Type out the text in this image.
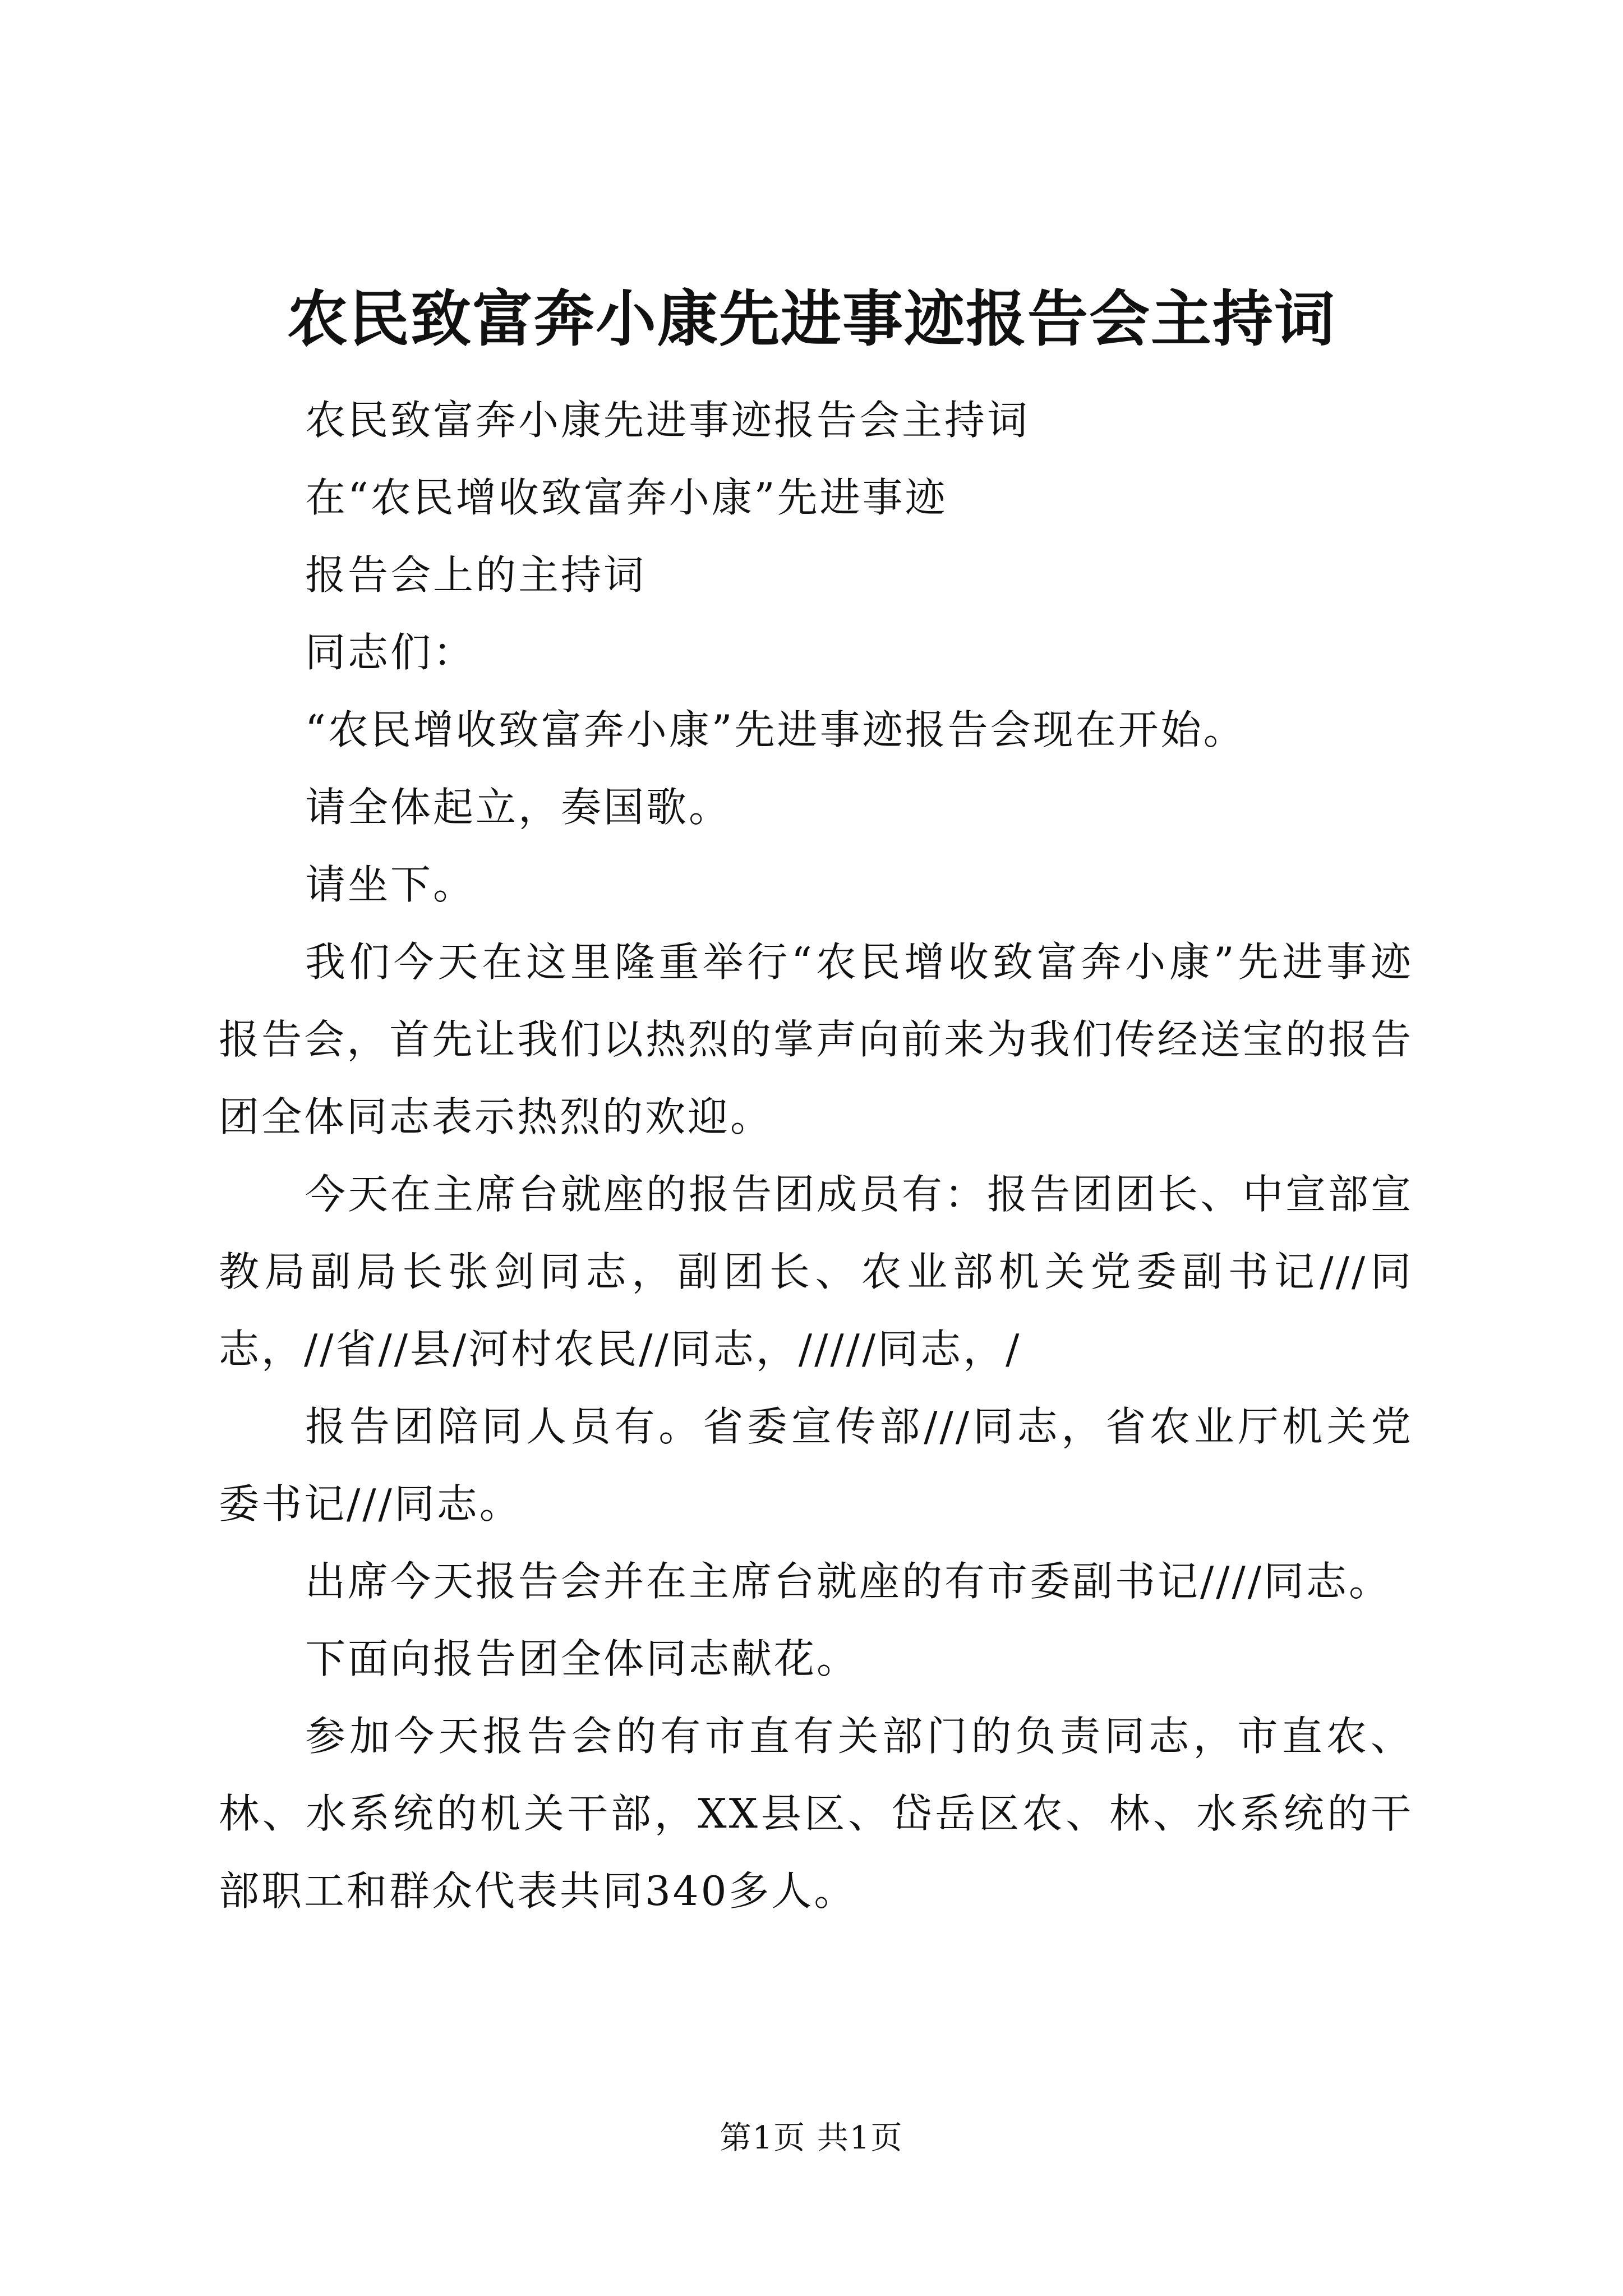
农民致富奔小康先进事迹报告会主持词

农民致富奔小康先进事迹报告会主持词

在“农民增收致富奔小康”先进事迹

报告会上的主持词

同志们：

“农民增收致富奔小康”先进事迹报告会现在开始。

请全体起立，奏国歌。

请坐下。

我们今天在这里隆重举行“农民增收致富奔小康”先进事迹报告会，首先让我们以热烈的掌声向前来为我们传经送宝的报告团全体同志表示热烈的欢迎。

今天在主席台就座的报告团成员有：报告团团长、中宣部宣教局副局长张剑同志，副团长、农业部机关党委副书记///同志，//省//县/河村农民//同志，/////同志，/

报告团陪同人员有。省委宣传部///同志，省农业厅机关党委书记///同志。

出席今天报告会并在主席台就座的有市委副书记////同志。

下面向报告团全体同志献花。

参加今天报告会的有市直有关部门的负责同志，市直农、林、水系统的机关干部，XX县区、岱岳区农、林、水系统的干部职工和群众代表共同340多人。

第1页 共1页
